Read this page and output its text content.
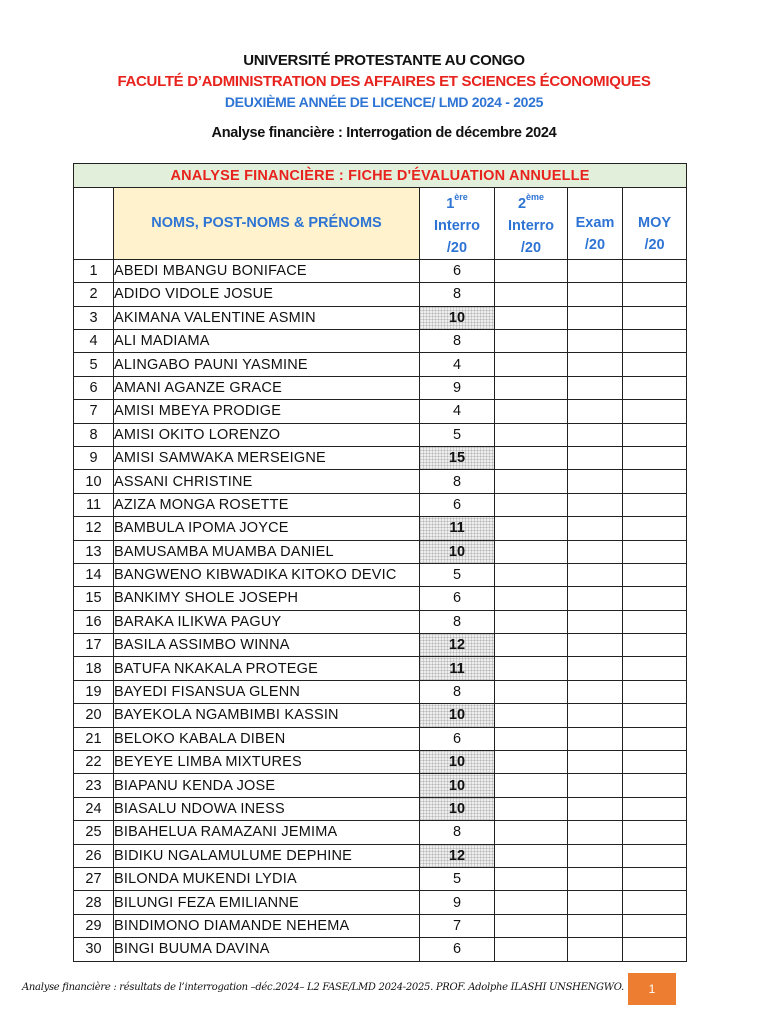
UNIVERSITÉ PROTESTANTE AU CONGO
FACULTÉ D’ADMINISTRATION DES AFFAIRES ET SCIENCES ÉCONOMIQUES
DEUXIÈME ANNÉE DE LICENCE/ LMD 2024 - 2025
Analyse financière : Interrogation de décembre 2024
ANALYSE FINANCIÈRE : FICHE D'ÉVALUATION ANNUELLE					
	NOMS, POST-NOMS & PRÉNOMS	1ère
Interro
/20	2ème
Interro
/20	Exam
/20	MOY
/20

1	ABEDI MBANGU BONIFACE	6			
2	ADIDO VIDOLE JOSUE	8			
3	AKIMANA VALENTINE ASMIN	10			
4	ALI MADIAMA	8			
5	ALINGABO PAUNI YASMINE	4			
6	AMANI AGANZE GRACE	9			
7	AMISI MBEYA PRODIGE	4			
8	AMISI OKITO LORENZO	5			
9	AMISI SAMWAKA MERSEIGNE	15			
10	ASSANI CHRISTINE	8			
11	AZIZA MONGA ROSETTE	6			
12	BAMBULA IPOMA JOYCE	11			
13	BAMUSAMBA MUAMBA DANIEL	10			
14	BANGWENO KIBWADIKA KITOKO DEVIC	5			
15	BANKIMY SHOLE JOSEPH	6			
16	BARAKA ILIKWA PAGUY	8			
17	BASILA ASSIMBO WINNA	12			
18	BATUFA NKAKALA PROTEGE	11			
19	BAYEDI FISANSUA GLENN	8			
20	BAYEKOLA NGAMBIMBI KASSIN	10			
21	BELOKO KABALA DIBEN	6			
22	BEYEYE LIMBA MIXTURES	10			
23	BIAPANU KENDA JOSE	10			
24	BIASALU NDOWA INESS	10			
25	BIBAHELUA RAMAZANI JEMIMA	8			
26	BIDIKU NGALAMULUME DEPHINE	12			
27	BILONDA MUKENDI LYDIA	5			
28	BILUNGI FEZA EMILIANNE	9			
29	BINDIMONO DIAMANDE NEHEMA	7			
30	BINGI BUUMA DAVINA	6			
Analyse financière : résultats de l’interrogation –déc.2024– L2 FASE/LMD 2024-2025. PROF. Adolphe ILASHI UNSHENGWO.	1
